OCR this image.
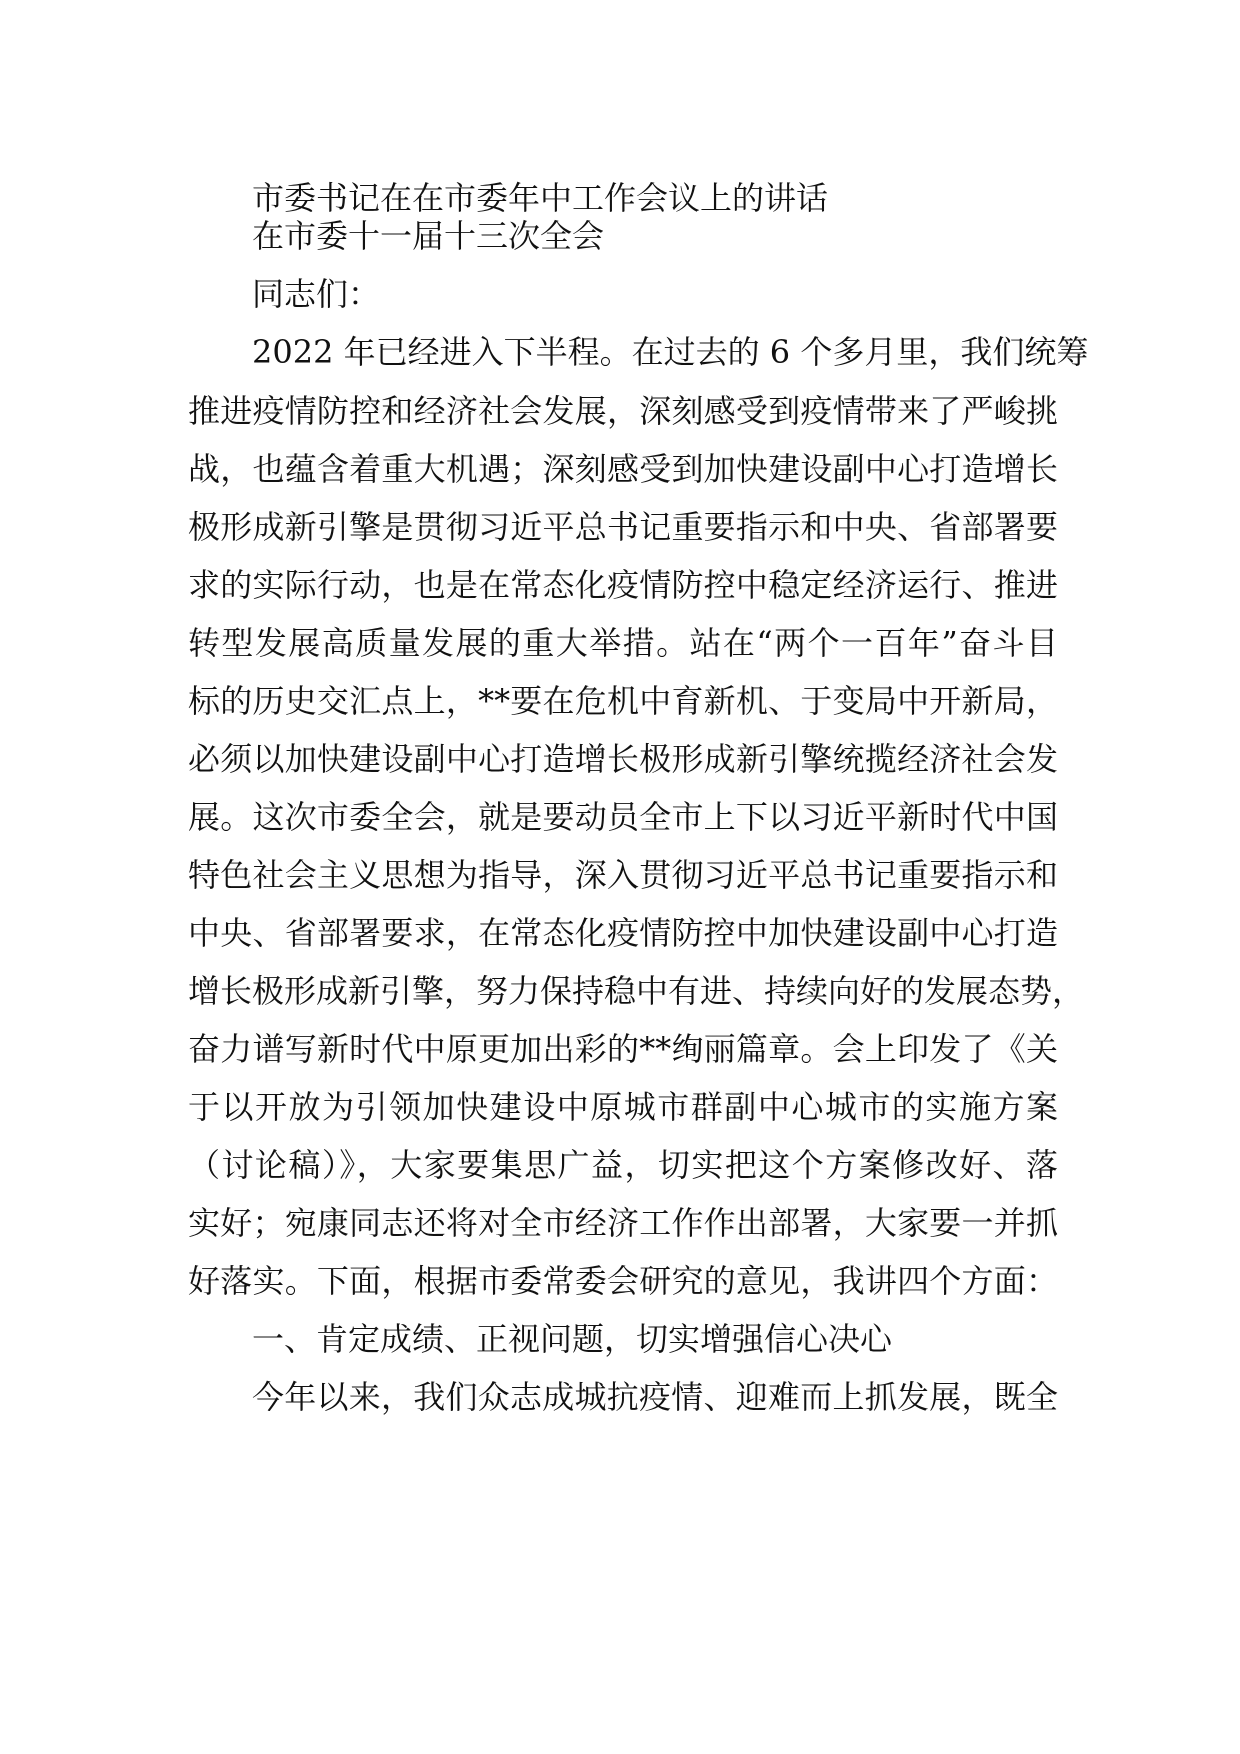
市委书记在在市委年中工作会议上的讲话
在市委十一届十三次全会
同志们：
2022 年已经进入下半程。在过去的 6 个多月里，我们统筹
推进疫情防控和经济社会发展，深刻感受到疫情带来了严峻挑
战，也蕴含着重大机遇；深刻感受到加快建设副中心打造增长
极形成新引擎是贯彻习近平总书记重要指示和中央、省部署要
求的实际行动，也是在常态化疫情防控中稳定经济运行、推进
转型发展高质量发展的重大举措。站在“两个一百年”奋斗目
标的历史交汇点上，**要在危机中育新机、于变局中开新局，
必须以加快建设副中心打造增长极形成新引擎统揽经济社会发
展。这次市委全会，就是要动员全市上下以习近平新时代中国
特色社会主义思想为指导，深入贯彻习近平总书记重要指示和
中央、省部署要求，在常态化疫情防控中加快建设副中心打造
增长极形成新引擎，努力保持稳中有进、持续向好的发展态势，
奋力谱写新时代中原更加出彩的**绚丽篇章。会上印发了《关
于以开放为引领加快建设中原城市群副中心城市的实施方案
（讨论稿）》，大家要集思广益，切实把这个方案修改好、落
实好；宛康同志还将对全市经济工作作出部署，大家要一并抓
好落实。下面，根据市委常委会研究的意见，我讲四个方面：
一、肯定成绩、正视问题，切实增强信心决心
今年以来，我们众志成城抗疫情、迎难而上抓发展，既全
